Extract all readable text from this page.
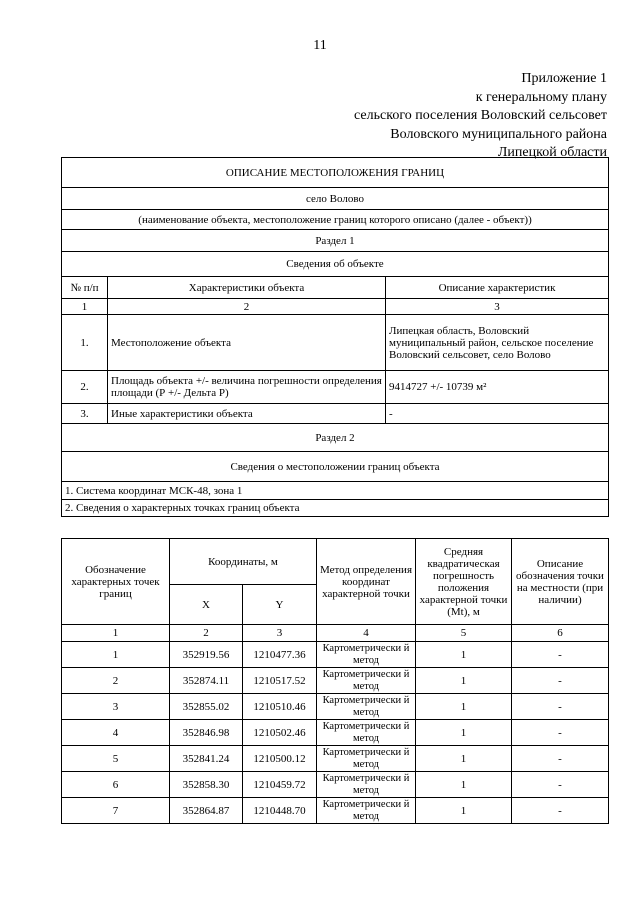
11
Приложение 1
к генеральному плану
сельского поселения Воловский сельсовет
Воловского муниципального района
Липецкой области
ОПИСАНИЕ МЕСТОПОЛОЖЕНИЯ ГРАНИЦ		
село Волово		
(наименование объекта, местоположение границ которого описано (далее - объект))		
Раздел 1		
Сведения об объекте		
№ п/п	Характеристики объекта	Описание характеристик
1	2	3
1.	Местоположение объекта	Липецкая область, Воловский муниципальный район, сельское поселение Воловский сельсовет, село Волово
2.	Площадь объекта +/- величина погрешности определения площади (Р +/- Дельта Р)	9414727 +/- 10739 м²
3.	Иные характеристики объекта	-
Раздел 2		
Сведения о местоположении границ объекта		
1. Система координат МСК-48, зона 1		
2. Сведения о характерных точках границ объекта		
Обозначение характерных точек границ	Координаты, м		Метод определения координат характерной точки	Средняя квадратическая погрешность положения характерной точки (Mt), м	Описание обозначения точки на местности (при наличии)
	X	Y			
1	2	3	4	5	6
1	352919.56	1210477.36	Картометрически й метод	1	-
2	352874.11	1210517.52	Картометрически й метод	1	-
3	352855.02	1210510.46	Картометрически й метод	1	-
4	352846.98	1210502.46	Картометрически й метод	1	-
5	352841.24	1210500.12	Картометрически й метод	1	-
6	352858.30	1210459.72	Картометрически й метод	1	-
7	352864.87	1210448.70	Картометрически й метод	1	-
